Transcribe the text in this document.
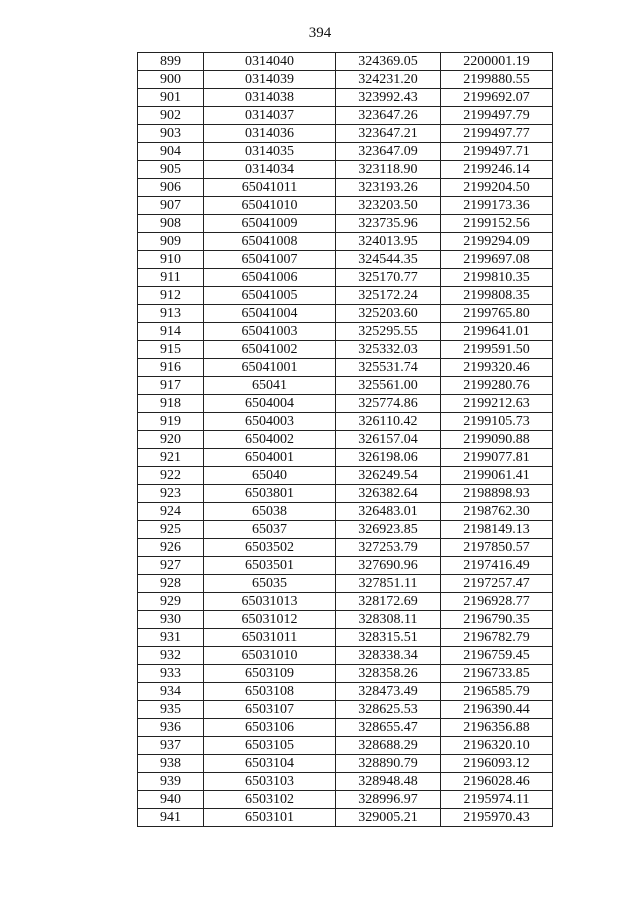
394
899	0314040	324369.05	2200001.19
900	0314039	324231.20	2199880.55
901	0314038	323992.43	2199692.07
902	0314037	323647.26	2199497.79
903	0314036	323647.21	2199497.77
904	0314035	323647.09	2199497.71
905	0314034	323118.90	2199246.14
906	65041011	323193.26	2199204.50
907	65041010	323203.50	2199173.36
908	65041009	323735.96	2199152.56
909	65041008	324013.95	2199294.09
910	65041007	324544.35	2199697.08
911	65041006	325170.77	2199810.35
912	65041005	325172.24	2199808.35
913	65041004	325203.60	2199765.80
914	65041003	325295.55	2199641.01
915	65041002	325332.03	2199591.50
916	65041001	325531.74	2199320.46
917	65041	325561.00	2199280.76
918	6504004	325774.86	2199212.63
919	6504003	326110.42	2199105.73
920	6504002	326157.04	2199090.88
921	6504001	326198.06	2199077.81
922	65040	326249.54	2199061.41
923	6503801	326382.64	2198898.93
924	65038	326483.01	2198762.30
925	65037	326923.85	2198149.13
926	6503502	327253.79	2197850.57
927	6503501	327690.96	2197416.49
928	65035	327851.11	2197257.47
929	65031013	328172.69	2196928.77
930	65031012	328308.11	2196790.35
931	65031011	328315.51	2196782.79
932	65031010	328338.34	2196759.45
933	6503109	328358.26	2196733.85
934	6503108	328473.49	2196585.79
935	6503107	328625.53	2196390.44
936	6503106	328655.47	2196356.88
937	6503105	328688.29	2196320.10
938	6503104	328890.79	2196093.12
939	6503103	328948.48	2196028.46
940	6503102	328996.97	2195974.11
941	6503101	329005.21	2195970.43
